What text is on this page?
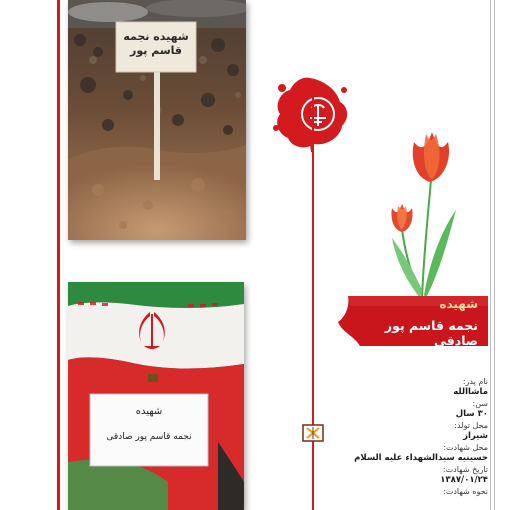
شهیده نجمه قاسم پور
شهیده
نجمه قاسم پور صادقی
شهیده
نجمه قاسم پور صادقی
نام پدر:
ماشاالله
سن:
۳۰ سال
محل تولد:
شیراز
محل شهادت:
حسینیه سیدالشهداء علیه السلام
تاریخ شهادت:
۱۳۸۷/۰۱/۲۴
نحوه شهادت:
